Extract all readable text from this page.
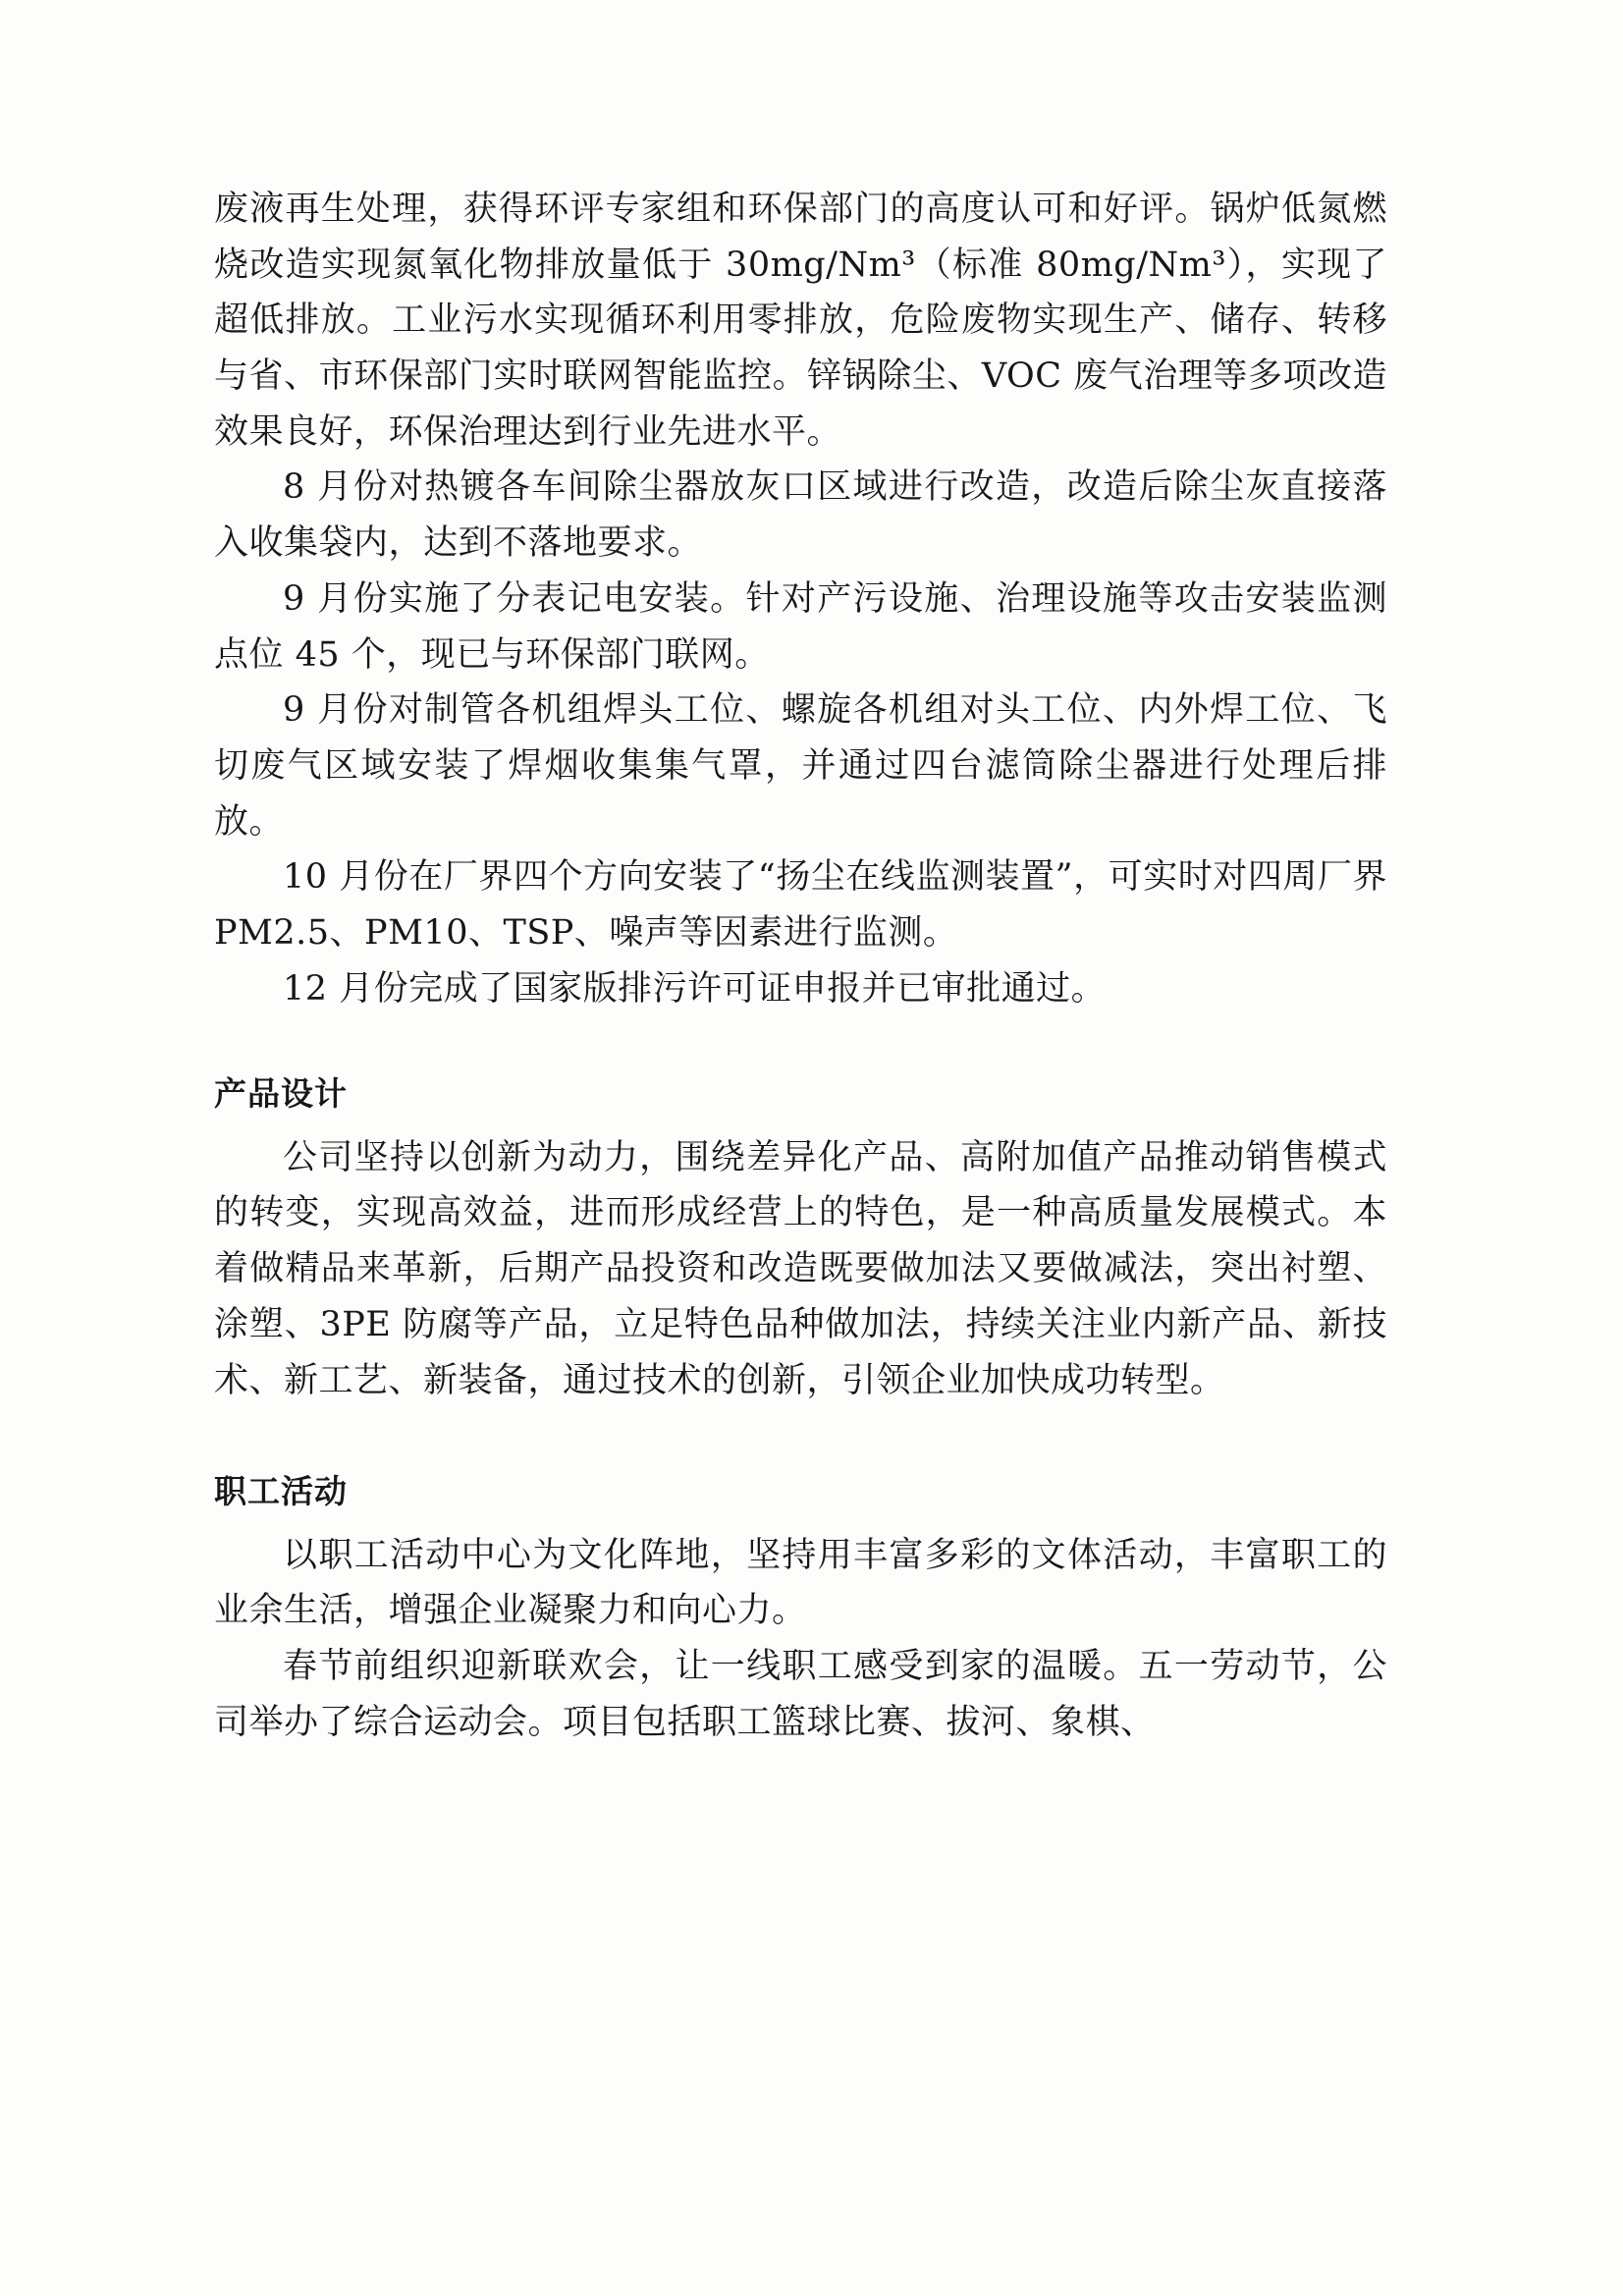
废液再生处理，获得环评专家组和环保部门的高度认可和好评。锅炉低氮燃烧改造实现氮氧化物排放量低于 30mg/Nm³（标准 80mg/Nm³），实现了超低排放。工业污水实现循环利用零排放，危险废物实现生产、储存、转移与省、市环保部门实时联网智能监控。锌锅除尘、VOC 废气治理等多项改造效果良好，环保治理达到行业先进水平。

8 月份对热镀各车间除尘器放灰口区域进行改造，改造后除尘灰直接落入收集袋内，达到不落地要求。

9 月份实施了分表记电安装。针对产污设施、治理设施等攻击安装监测点位 45 个，现已与环保部门联网。

9 月份对制管各机组焊头工位、螺旋各机组对头工位、内外焊工位、飞切废气区域安装了焊烟收集集气罩，并通过四台滤筒除尘器进行处理后排放。

10 月份在厂界四个方向安装了“扬尘在线监测装置”，可实时对四周厂界 PM2.5、PM10、TSP、噪声等因素进行监测。

12 月份完成了国家版排污许可证申报并已审批通过。

产品设计

公司坚持以创新为动力，围绕差异化产品、高附加值产品推动销售模式的转变，实现高效益，进而形成经营上的特色，是一种高质量发展模式。本着做精品来革新，后期产品投资和改造既要做加法又要做减法，突出衬塑、涂塑、3PE 防腐等产品，立足特色品种做加法，持续关注业内新产品、新技术、新工艺、新装备，通过技术的创新，引领企业加快成功转型。

职工活动

以职工活动中心为文化阵地，坚持用丰富多彩的文体活动，丰富职工的业余生活，增强企业凝聚力和向心力。

春节前组织迎新联欢会，让一线职工感受到家的温暖。五一劳动节，公司举办了综合运动会。项目包括职工篮球比赛、拔河、象棋、
